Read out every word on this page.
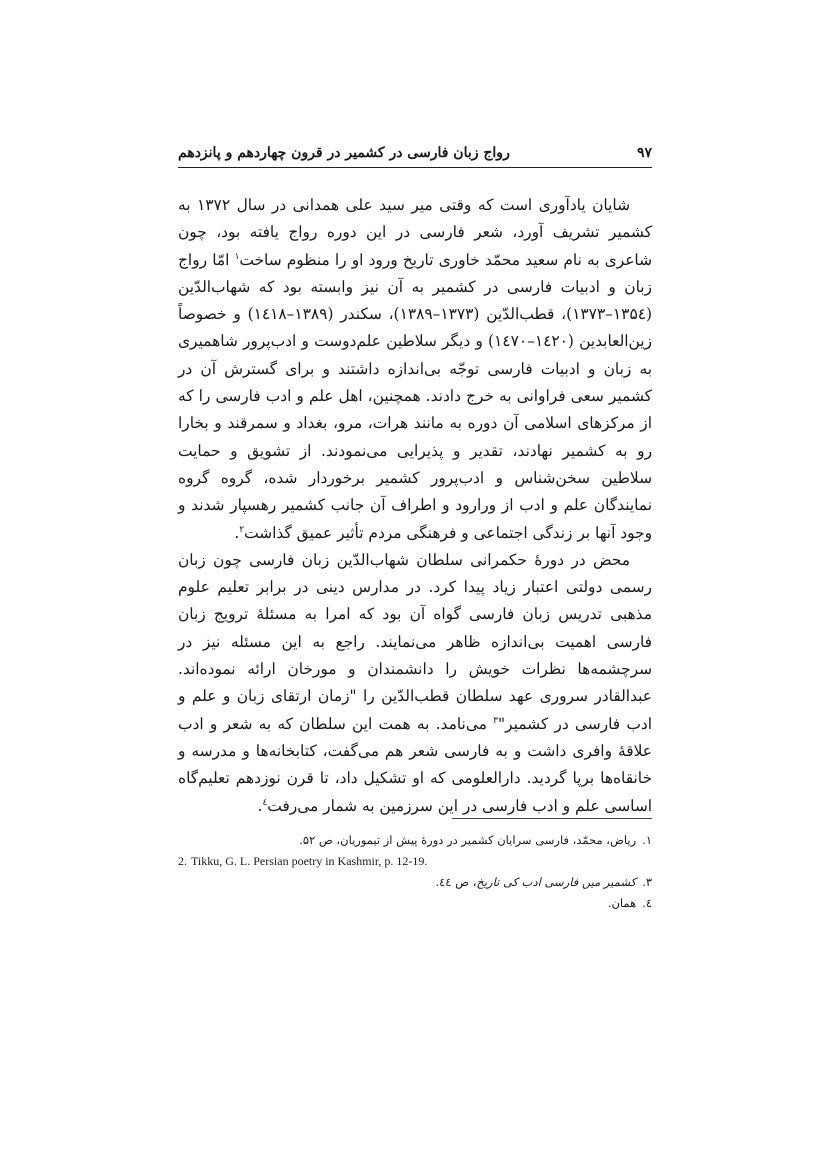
۹۷
رواج زبان فارسی در کشمیر در قرون چهاردهم و پانزدهم

شایان یادآوری است که وقتی میر سید علی همدانی در سال ۱۳۷۲ به کشمیر تشریف آورد، شعر فارسی در این دوره رواج یافته بود، چون شاعری به نام سعید محمّد خاوری تاریخ ورود او را منظوم ساخت$^۱$ امّا رواج زبان و ادبیات فارسی در کشمیر به آن نیز وابسته بود که شهاب‌الدّین (۱۳۵٤–۱۳۷۳)، قطب‌الدّین (۱۳۷۳–۱۳۸۹)، سکندر (۱۳۸۹–۱٤۱۸) و خصوصاً زین‌العابدین (۱٤۲۰–۱٤۷۰) و دیگر سلاطین علم‌دوست و ادب‌پرور شاهمیری به زبان و ادبیات فارسی توجّه بی‌اندازه داشتند و برای گسترش آن در کشمیر سعی فراوانی به خرج دادند. همچنین، اهل علم و ادب فارسی را که از مرکزهای اسلامی آن دوره به مانند هرات، مرو، بغداد و سمرقند و بخارا رو به کشمیر نهادند، تقدیر و پذیرایی می‌نمودند. از تشویق و حمایت سلاطین سخن‌شناس و ادب‌پرور کشمیر برخوردار شده، گروه گروه نمایندگان علم و ادب از ورارود و اطراف آن جانب کشمیر رهسپار شدند و وجود آنها بر زندگی اجتماعی و فرهنگی مردم تأثیر عمیق گذاشت$^۲$.

محض در دورهٔ حکمرانی سلطان شهاب‌الدّین زبان فارسی چون زبان رسمی دولتی اعتبار زیاد پیدا کرد. در مدارس دینی در برابر تعلیم علوم مذهبی تدریس زبان فارسی گواه آن بود که امرا به مسئلهٔ ترویج زبان فارسی اهمیت بی‌اندازه ظاهر می‌نمایند. راجع به این مسئله نیز در سرچشمه‌ها نظرات خویش را دانشمندان و مورخان ارائه نموده‌اند. عبدالقادر سروری عهد سلطان قطب‌الدّین را "زمان ارتقای زبان و علم و ادب فارسی در کشمیر"$^۳$ می‌نامد. به همت این سلطان که به شعر و ادب علاقهٔ وافری داشت و به فارسی شعر هم می‌گفت، کتابخانه‌ها و مدرسه و خانقاه‌ها برپا گردید. دارالعلومی که او تشکیل داد، تا قرن نوزدهم تعلیم‌گاه اساسی علم و ادب فارسی در این سرزمین به شمار می‌رفت$^٤$.

۱.ریاض، محمّد، فارسی سرایان کشمیر در دورهٔ پیش از تیموریان، ص ۵۲.
2. Tikku, G. L. Persian poetry in Kashmir, p. 12-19.
۳.کشمیر میں فارسی ادب کی تاریخ، ص ٤٤.
٤.همان.
